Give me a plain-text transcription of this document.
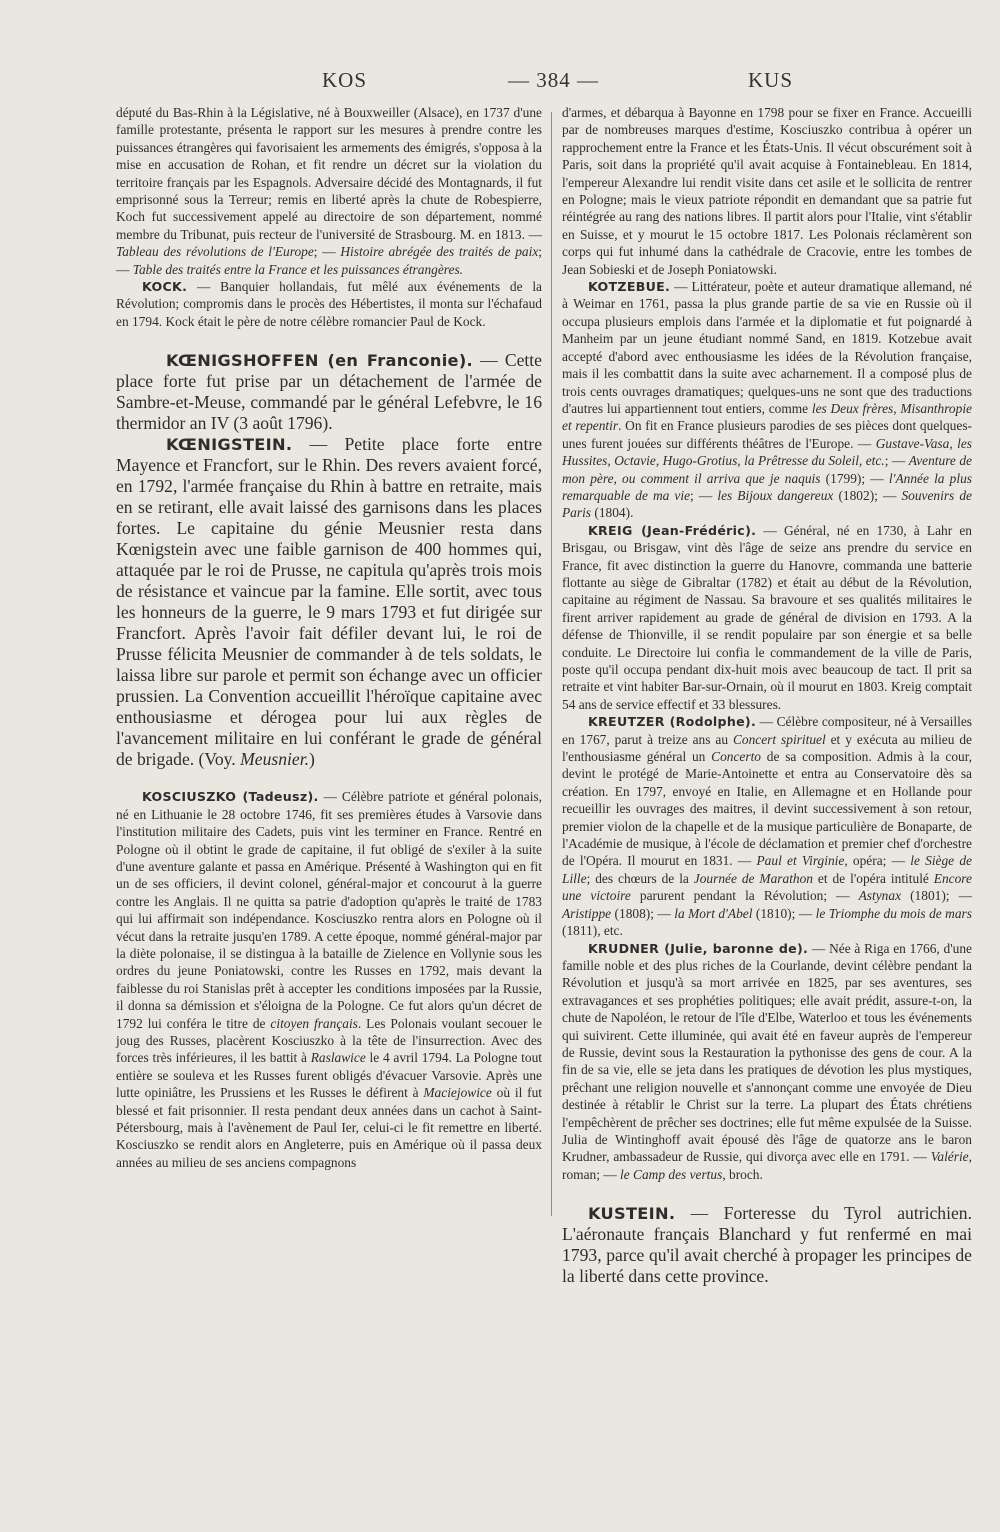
KOS	— 384 —	KUS

député du Bas-Rhin à la Législative, né à Bouxweiller (Alsace), en 1737 d'une famille protestante, présenta le rapport sur les mesures à prendre contre les puissances étrangères qui favorisaient les armements des émigrés, s'opposa à la mise en accusation de Rohan, et fit rendre un décret sur la violation du territoire français par les Espagnols. Adversaire décidé des Montagnards, il fut emprisonné sous la Terreur; remis en liberté après la chute de Robespierre, Koch fut successivement appelé au directoire de son département, nommé membre du Tribunat, puis recteur de l'université de Strasbourg. M. en 1813. — Tableau des révolutions de l'Europe; — Histoire abrégée des traités de paix; — Table des traités entre la France et les puissances étrangères.

KOCK. — Banquier hollandais, fut mêlé aux événements de la Révolution; compromis dans le procès des Hébertistes, il monta sur l'échafaud en 1794. Kock était le père de notre célèbre romancier Paul de Kock.

KŒNIGSHOFFEN (en Franconie). — Cette place forte fut prise par un détachement de l'armée de Sambre-et-Meuse, commandé par le général Lefebvre, le 16 thermidor an IV (3 août 1796).

KŒNIGSTEIN. — Petite place forte entre Mayence et Francfort, sur le Rhin. Des revers avaient forcé, en 1792, l'armée française du Rhin à battre en retraite, mais en se retirant, elle avait laissé des garnisons dans les places fortes. Le capitaine du génie Meusnier resta dans Kœnigstein avec une faible garnison de 400 hommes qui, attaquée par le roi de Prusse, ne capitula qu'après trois mois de résistance et vaincue par la famine. Elle sortit, avec tous les honneurs de la guerre, le 9 mars 1793 et fut dirigée sur Francfort. Après l'avoir fait défiler devant lui, le roi de Prusse félicita Meusnier de commander à de tels soldats, le laissa libre sur parole et permit son échange avec un officier prussien. La Convention accueillit l'héroïque capitaine avec enthousiasme et dérogea pour lui aux règles de l'avancement militaire en lui conférant le grade de général de brigade. (Voy. Meusnier.)

KOSCIUSZKO (Tadeusz). — Célèbre patriote et général polonais, né en Lithuanie le 28 octobre 1746, fit ses premières études à Varsovie dans l'institution militaire des Cadets, puis vint les terminer en France. Rentré en Pologne où il obtint le grade de capitaine, il fut obligé de s'exiler à la suite d'une aventure galante et passa en Amérique. Présenté à Washington qui en fit un de ses officiers, il devint colonel, général-major et concourut à la guerre contre les Anglais. Il ne quitta sa patrie d'adoption qu'après le traité de 1783 qui lui affirmait son indépendance. Kosciuszko rentra alors en Pologne où il vécut dans la retraite jusqu'en 1789. A cette époque, nommé général-major par la diète polonaise, il se distingua à la bataille de Zielence en Vollynie sous les ordres du jeune Poniatowski, contre les Russes en 1792, mais devant la faiblesse du roi Stanislas prêt à accepter les conditions imposées par la Russie, il donna sa démission et s'éloigna de la Pologne. Ce fut alors qu'un décret de 1792 lui conféra le titre de citoyen français. Les Polonais voulant secouer le joug des Russes, placèrent Kosciuszko à la tête de l'insurrection. Avec des forces très inférieures, il les battit à Raslawice le 4 avril 1794. La Pologne tout entière se souleva et les Russes furent obligés d'évacuer Varsovie. Après une lutte opiniâtre, les Prussiens et les Russes le défirent à Maciejowice où il fut blessé et fait prisonnier. Il resta pendant deux années dans un cachot à Saint-Pétersbourg, mais à l'avènement de Paul Ier, celui-ci le fit remettre en liberté. Kosciuszko se rendit alors en Angleterre, puis en Amérique où il passa deux années au milieu de ses anciens compagnons

d'armes, et débarqua à Bayonne en 1798 pour se fixer en France. Accueilli par de nombreuses marques d'estime, Kosciuszko contribua à opérer un rapprochement entre la France et les États-Unis. Il vécut obscurément soit à Paris, soit dans la propriété qu'il avait acquise à Fontainebleau. En 1814, l'empereur Alexandre lui rendit visite dans cet asile et le sollicita de rentrer en Pologne; mais le vieux patriote répondit en demandant que sa patrie fut réintégrée au rang des nations libres. Il partit alors pour l'Italie, vint s'établir en Suisse, et y mourut le 15 octobre 1817. Les Polonais réclamèrent son corps qui fut inhumé dans la cathédrale de Cracovie, entre les tombes de Jean Sobieski et de Joseph Poniatowski.

KOTZEBUE. — Littérateur, poète et auteur dramatique allemand, né à Weimar en 1761, passa la plus grande partie de sa vie en Russie où il occupa plusieurs emplois dans l'armée et la diplomatie et fut poignardé à Manheim par un jeune étudiant nommé Sand, en 1819. Kotzebue avait accepté d'abord avec enthousiasme les idées de la Révolution française, mais il les combattit dans la suite avec acharnement. Il a composé plus de trois cents ouvrages dramatiques; quelques-uns ne sont que des traductions d'autres lui appartiennent tout entiers, comme les Deux frères, Misanthropie et repentir. On fit en France plusieurs parodies de ses pièces dont quelques-unes furent jouées sur différents théâtres de l'Europe. — Gustave-Vasa, les Hussites, Octavie, Hugo-Grotius, la Prêtresse du Soleil, etc.; — Aventure de mon père, ou comment il arriva que je naquis (1799); — l'Année la plus remarquable de ma vie; — les Bijoux dangereux (1802); — Souvenirs de Paris (1804).

KREIG (Jean-Frédéric). — Général, né en 1730, à Lahr en Brisgau, ou Brisgaw, vint dès l'âge de seize ans prendre du service en France, fit avec distinction la guerre du Hanovre, commanda une batterie flottante au siège de Gibraltar (1782) et était au début de la Révolution, capitaine au régiment de Nassau. Sa bravoure et ses qualités militaires le firent arriver rapidement au grade de général de division en 1793. A la défense de Thionville, il se rendit populaire par son énergie et sa belle conduite. Le Directoire lui confia le commandement de la ville de Paris, poste qu'il occupa pendant dix-huit mois avec beaucoup de tact. Il prit sa retraite et vint habiter Bar-sur-Ornain, où il mourut en 1803. Kreig comptait 54 ans de service effectif et 33 blessures.

KREUTZER (Rodolphe). — Célèbre compositeur, né à Versailles en 1767, parut à treize ans au Concert spirituel et y exécuta au milieu de l'enthousiasme général un Concerto de sa composition. Admis à la cour, devint le protégé de Marie-Antoinette et entra au Conservatoire dès sa création. En 1797, envoyé en Italie, en Allemagne et en Hollande pour recueillir les ouvrages des maitres, il devint successivement à son retour, premier violon de la chapelle et de la musique particulière de Bonaparte, de l'Académie de musique, à l'école de déclamation et premier chef d'orchestre de l'Opéra. Il mourut en 1831. — Paul et Virginie, opéra; — le Siège de Lille; des chœurs de la Journée de Marathon et de l'opéra intitulé Encore une victoire parurent pendant la Révolution; — Astynax (1801); — Aristippe (1808); — la Mort d'Abel (1810); — le Triomphe du mois de mars (1811), etc.

KRUDNER (Julie, baronne de). — Née à Riga en 1766, d'une famille noble et des plus riches de la Courlande, devint célèbre pendant la Révolution et jusqu'à sa mort arrivée en 1825, par ses aventures, ses extravagances et ses prophéties politiques; elle avait prédit, assure-t-on, la chute de Napoléon, le retour de l'île d'Elbe, Waterloo et tous les événements qui suivirent. Cette illuminée, qui avait été en faveur auprès de l'empereur de Russie, devint sous la Restauration la pythonisse des gens de cour. A la fin de sa vie, elle se jeta dans les pratiques de dévotion les plus mystiques, prêchant une religion nouvelle et s'annonçant comme une envoyée de Dieu destinée à rétablir le Christ sur la terre. La plupart des États chrétiens l'empêchèrent de prêcher ses doctrines; elle fut même expulsée de la Suisse. Julia de Wintinghoff avait épousé dès l'âge de quatorze ans le baron Krudner, ambassadeur de Russie, qui divorça avec elle en 1791. — Valérie, roman; — le Camp des vertus, broch.

KUSTEIN. — Forteresse du Tyrol autrichien. L'aéronaute français Blanchard y fut renfermé en mai 1793, parce qu'il avait cherché à propager les principes de la liberté dans cette province.
